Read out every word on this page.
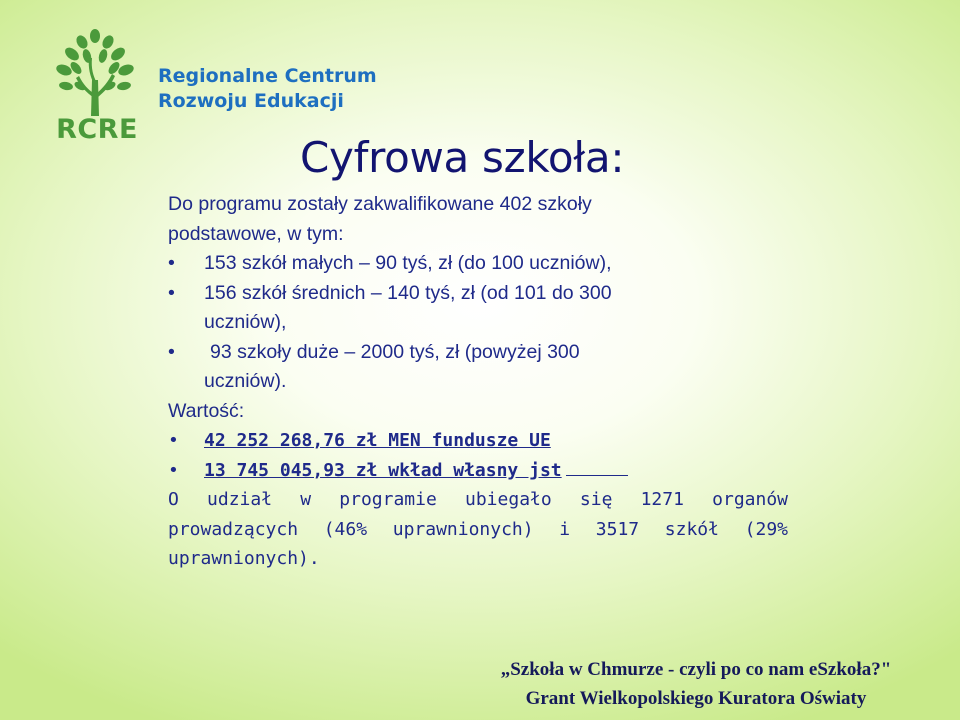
RCRE
Regionalne Centrum
Rozwoju Edukacji
Cyfrowa szkoła:
Do programu zostały zakwalifikowane 402 szkoły
podstawowe, w tym:
• 153 szkół małych – 90 tyś, zł (do 100 uczniów),
• 156 szkół średnich – 140 tyś, zł (od 101 do 300
uczniów),
• 93 szkoły duże – 2000 tyś, zł (powyżej 300
uczniów).
Wartość:
• 42 252 268,76 zł MEN fundusze UE
• 13 745 045,93 zł wkład własny jst
O udział w programie ubiegało się 1271 organów
prowadzących (46% uprawnionych) i 3517 szkół (29%
uprawnionych).
„Szkoła w Chmurze - czyli po co nam eSzkoła?"
Grant Wielkopolskiego Kuratora Oświaty
